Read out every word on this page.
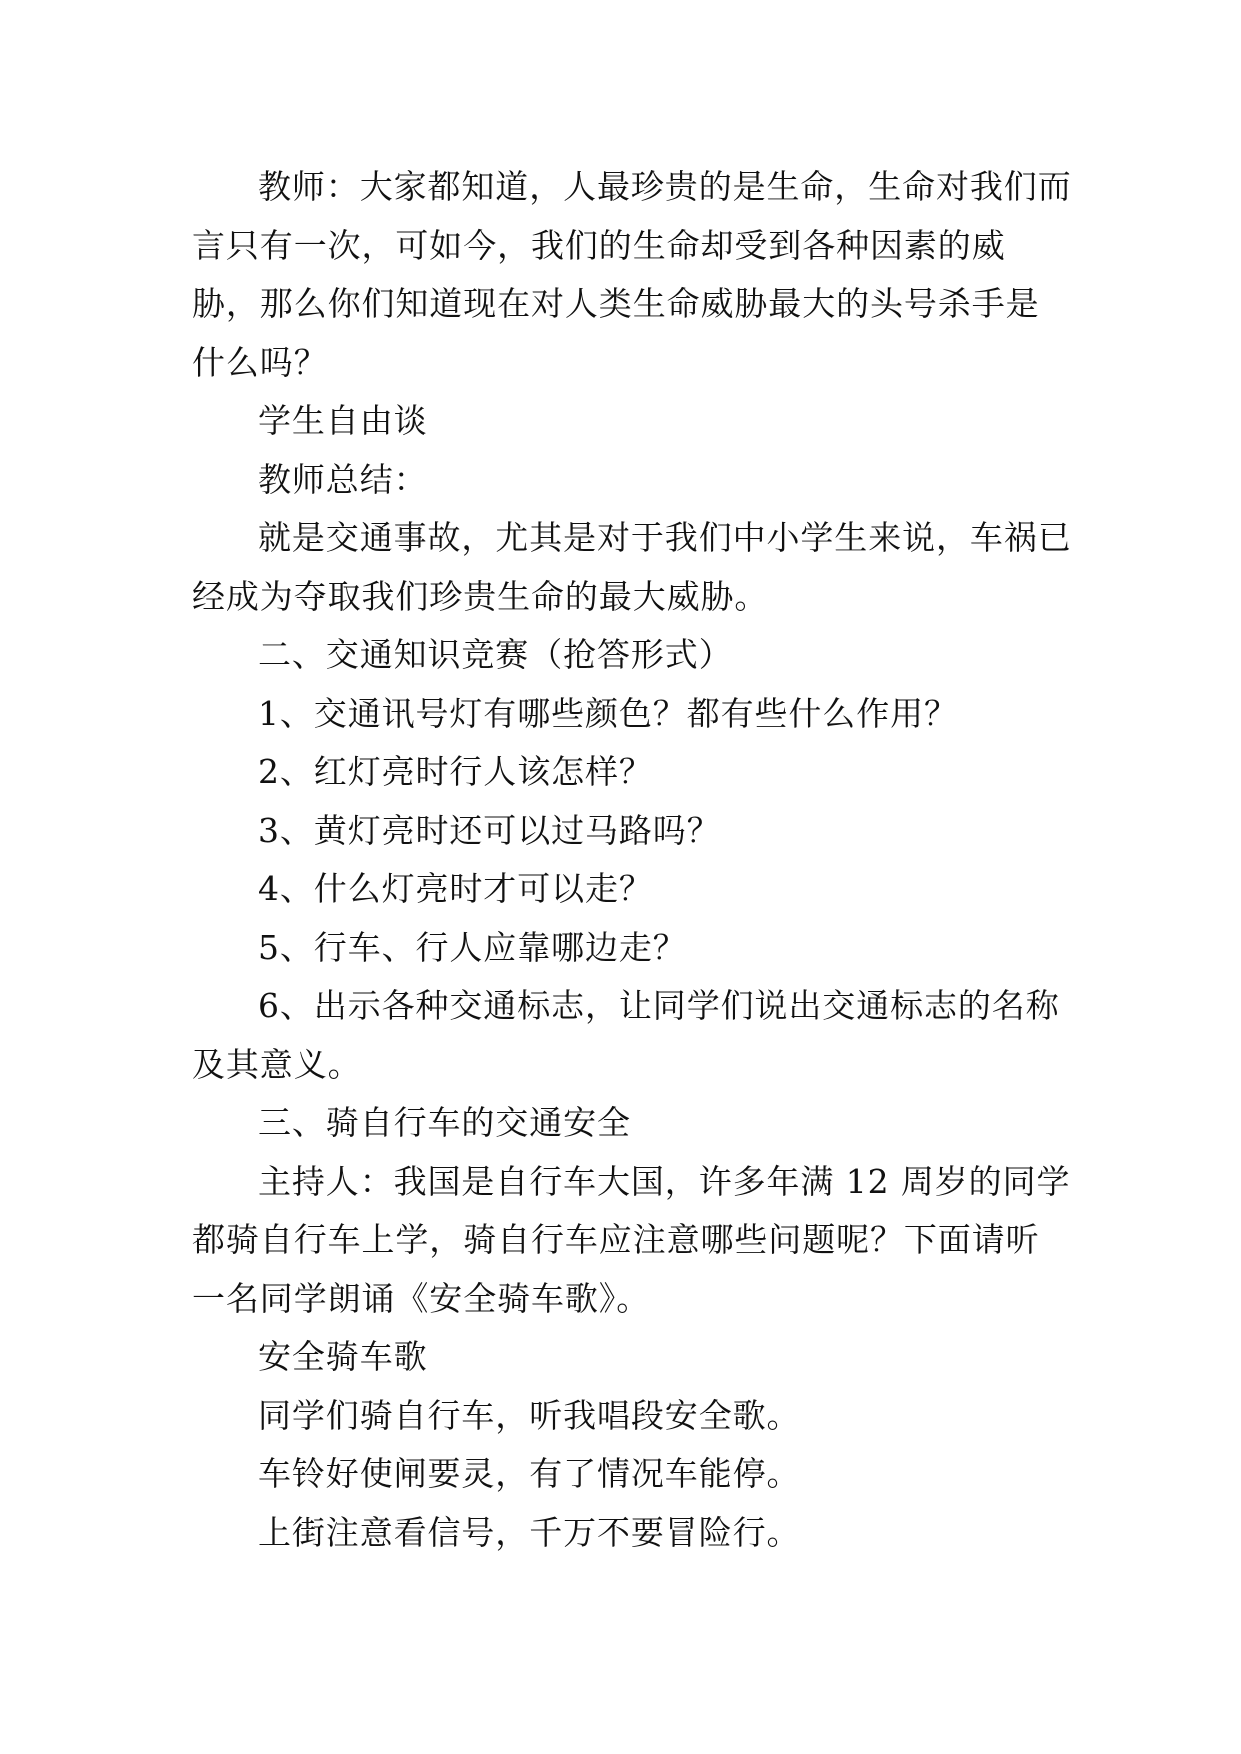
教师：大家都知道，人最珍贵的是生命，生命对我们而言只有一次，可如今，我们的生命却受到各种因素的威胁，那么你们知道现在对人类生命威胁最大的头号杀手是什么吗？

学生自由谈

教师总结：

就是交通事故，尤其是对于我们中小学生来说，车祸已经成为夺取我们珍贵生命的最大威胁。

二、交通知识竞赛（抢答形式）

1、交通讯号灯有哪些颜色？都有些什么作用？

2、红灯亮时行人该怎样？

3、黄灯亮时还可以过马路吗？

4、什么灯亮时才可以走？

5、行车、行人应靠哪边走？

6、出示各种交通标志，让同学们说出交通标志的名称及其意义。

三、骑自行车的交通安全

主持人：我国是自行车大国，许多年满 12 周岁的同学都骑自行车上学，骑自行车应注意哪些问题呢？下面请听一名同学朗诵《安全骑车歌》。

安全骑车歌

同学们骑自行车，听我唱段安全歌。

车铃好使闸要灵，有了情况车能停。

上街注意看信号，千万不要冒险行。
